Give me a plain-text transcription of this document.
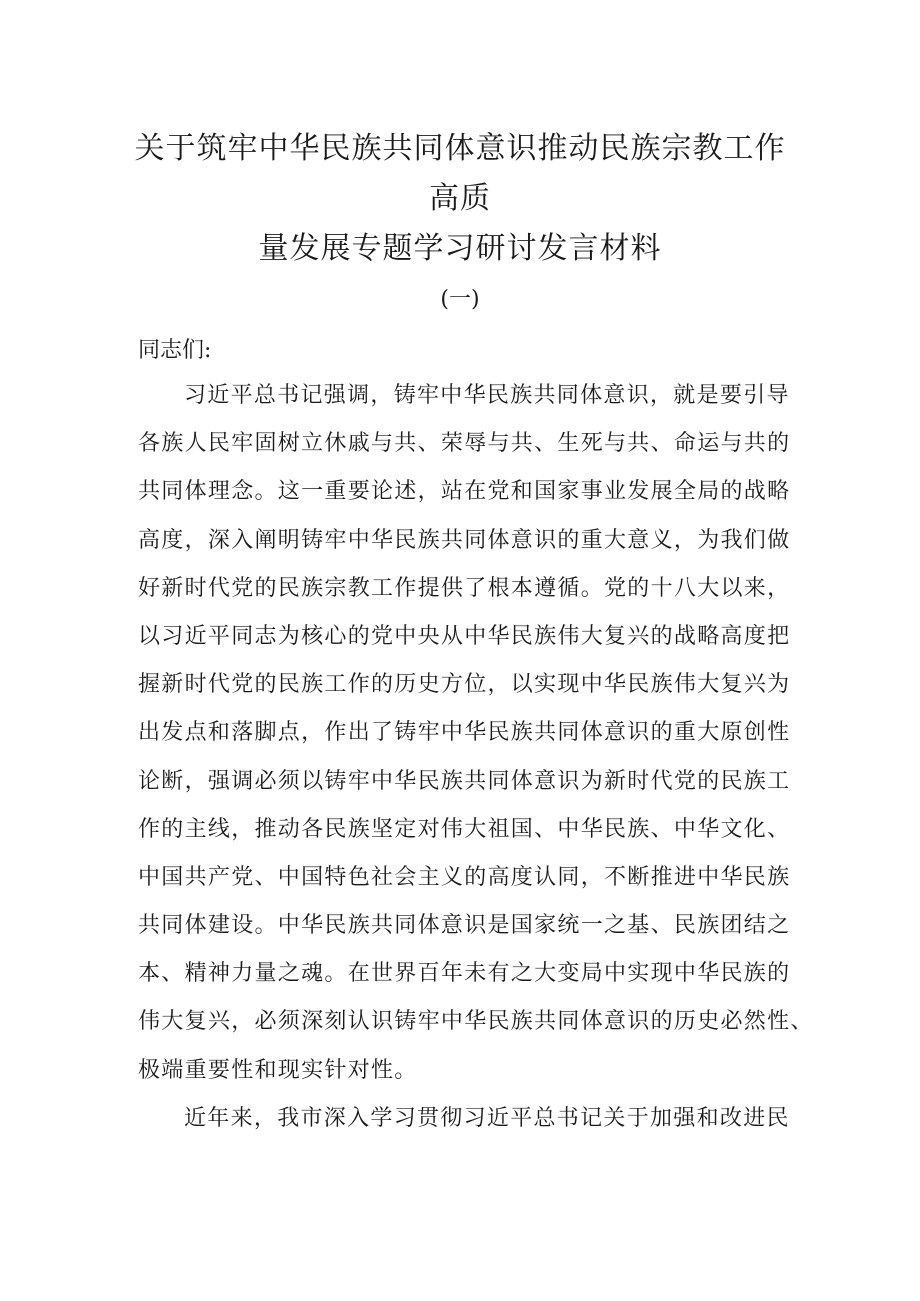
关于筑牢中华民族共同体意识推动民族宗教工作高质
量发展专题学习研讨发言材料
(一)
同志们:
习近平总书记强调，铸牢中华民族共同体意识，就是要引导
各族人民牢固树立休戚与共、荣辱与共、生死与共、命运与共的
共同体理念。这一重要论述，站在党和国家事业发展全局的战略
高度，深入阐明铸牢中华民族共同体意识的重大意义，为我们做
好新时代党的民族宗教工作提供了根本遵循。党的十八大以来，
以习近平同志为核心的党中央从中华民族伟大复兴的战略高度把
握新时代党的民族工作的历史方位，以实现中华民族伟大复兴为
出发点和落脚点，作出了铸牢中华民族共同体意识的重大原创性
论断，强调必须以铸牢中华民族共同体意识为新时代党的民族工
作的主线，推动各民族坚定对伟大祖国、中华民族、中华文化、
中国共产党、中国特色社会主义的高度认同，不断推进中华民族
共同体建设。中华民族共同体意识是国家统一之基、民族团结之
本、精神力量之魂。在世界百年未有之大变局中实现中华民族的
伟大复兴，必须深刻认识铸牢中华民族共同体意识的历史必然性、
极端重要性和现实针对性。
近年来，我市深入学习贯彻习近平总书记关于加强和改进民
